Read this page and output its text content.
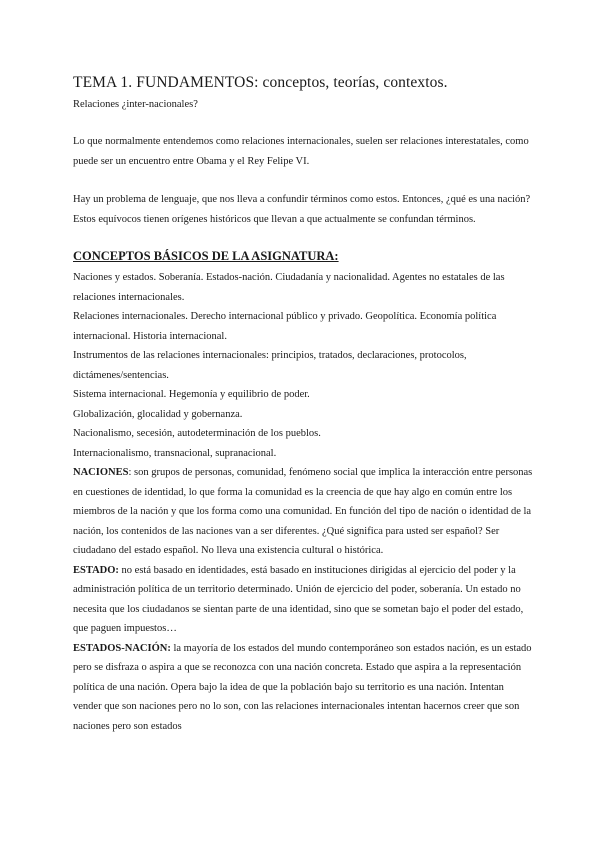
TEMA 1. FUNDAMENTOS: conceptos, teorías, contextos.
Relaciones ¿inter-nacionales?

Lo que normalmente entendemos como relaciones internacionales, suelen ser relaciones interestatales, como puede ser un encuentro entre Obama y el Rey Felipe VI.

Hay un problema de lenguaje, que nos lleva a confundir términos como estos. Entonces, ¿qué es una nación? Estos equívocos tienen orígenes históricos que llevan a que actualmente se confundan términos.

CONCEPTOS BÁSICOS DE LA ASIGNATURA:

Naciones y estados. Soberanía. Estados-nación. Ciudadanía y nacionalidad. Agentes no estatales de las relaciones internacionales.

Relaciones internacionales. Derecho internacional público y privado. Geopolítica. Economía política internacional. Historia internacional.

Instrumentos de las relaciones internacionales: principios, tratados, declaraciones, protocolos, dictámenes/sentencias.

Sistema internacional. Hegemonía y equilibrio de poder.

Globalización, glocalidad y gobernanza.

Nacionalismo, secesión, autodeterminación de los pueblos.

Internacionalismo, transnacional, supranacional.

NACIONES: son grupos de personas, comunidad, fenómeno social que implica la interacción entre personas en cuestiones de identidad, lo que forma la comunidad es la creencia de que hay algo en común entre los miembros de la nación y que los forma como una comunidad. En función del tipo de nación o identidad de la nación, los contenidos de las naciones van a ser diferentes. ¿Qué significa para usted ser español? Ser ciudadano del estado español. No lleva una existencia cultural o histórica.

ESTADO: no está basado en identidades, está basado en instituciones dirigidas al ejercicio del poder y la administración política de un territorio determinado. Unión de ejercicio del poder, soberanía. Un estado no necesita que los ciudadanos se sientan parte de una identidad, sino que se sometan bajo el poder del estado, que paguen impuestos…

ESTADOS-NACIÓN: la mayoría de los estados del mundo contemporáneo son estados nación, es un estado pero se disfraza o aspira a que se reconozca con una nación concreta. Estado que aspira a la representación política de una nación. Opera bajo la idea de que la población bajo su territorio es una nación. Intentan vender que son naciones pero no lo son, con las relaciones internacionales intentan hacernos creer que son naciones pero son estados
